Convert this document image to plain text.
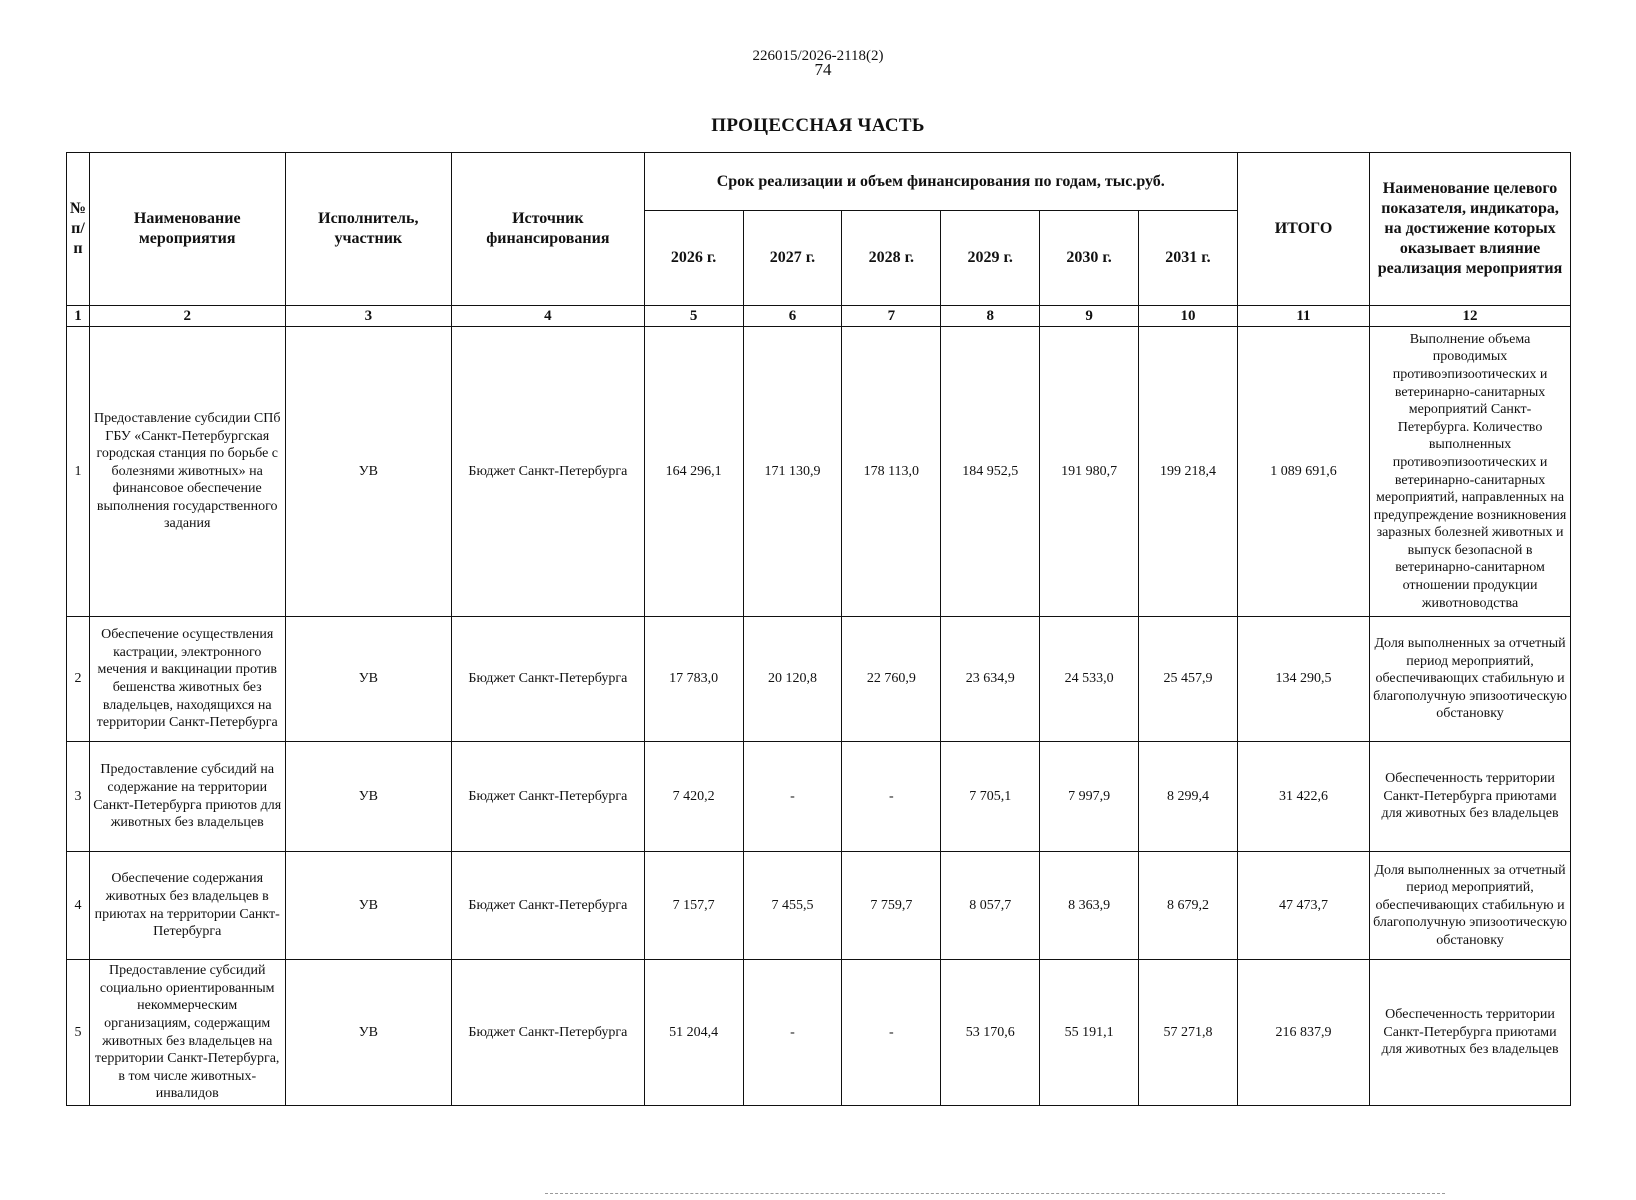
226015/2026-2118(2)
74
ПРОЦЕССНАЯ ЧАСТЬ
№ п/п	Наименование мероприятия	Исполнитель, участник	Источник финансирования	Срок реализации и объем финансирования по годам, тыс.руб.						ИТОГО	Наименование целевого показателя, индикатора, на достижение которых оказывает влияние реализация мероприятия
				2026 г.	2027 г.	2028 г.	2029 г.	2030 г.	2031 г.		
1	2	3	4	5	6	7	8	9	10	11	12
1	Предоставление субсидии СПб ГБУ «Санкт-Петербургская городская станция по борьбе с болезнями животных» на финансовое обеспечение выполнения государственного задания	УВ	Бюджет Санкт-Петербурга	164 296,1	171 130,9	178 113,0	184 952,5	191 980,7	199 218,4	1 089 691,6	Выполнение объема проводимых противоэпизоотических и ветеринарно-санитарных мероприятий Санкт-Петербурга. Количество выполненных противоэпизоотических и ветеринарно-санитарных мероприятий, направленных на предупреждение возникновения заразных болезней животных и выпуск безопасной в ветеринарно-санитарном отношении продукции животноводства
2	Обеспечение осуществления кастрации, электронного мечения и вакцинации против бешенства животных без владельцев, находящихся на территории Санкт-Петербурга	УВ	Бюджет Санкт-Петербурга	17 783,0	20 120,8	22 760,9	23 634,9	24 533,0	25 457,9	134 290,5	Доля выполненных за отчетный период мероприятий, обеспечивающих стабильную и благополучную эпизоотическую обстановку
3	Предоставление субсидий на содержание на территории Санкт-Петербурга приютов для животных без владельцев	УВ	Бюджет Санкт-Петербурга	7 420,2	-	-	7 705,1	7 997,9	8 299,4	31 422,6	Обеспеченность территории Санкт-Петербурга приютами для животных без владельцев
4	Обеспечение содержания животных без владельцев в приютах на территории Санкт-Петербурга	УВ	Бюджет Санкт-Петербурга	7 157,7	7 455,5	7 759,7	8 057,7	8 363,9	8 679,2	47 473,7	Доля выполненных за отчетный период мероприятий, обеспечивающих стабильную и благополучную эпизоотическую обстановку
5	Предоставление субсидий социально ориентированным некоммерческим организациям, содержащим животных без владельцев на территории Санкт-Петербурга, в том числе животных-инвалидов	УВ	Бюджет Санкт-Петербурга	51 204,4	-	-	53 170,6	55 191,1	57 271,8	216 837,9	Обеспеченность территории Санкт-Петербурга приютами для животных без владельцев
